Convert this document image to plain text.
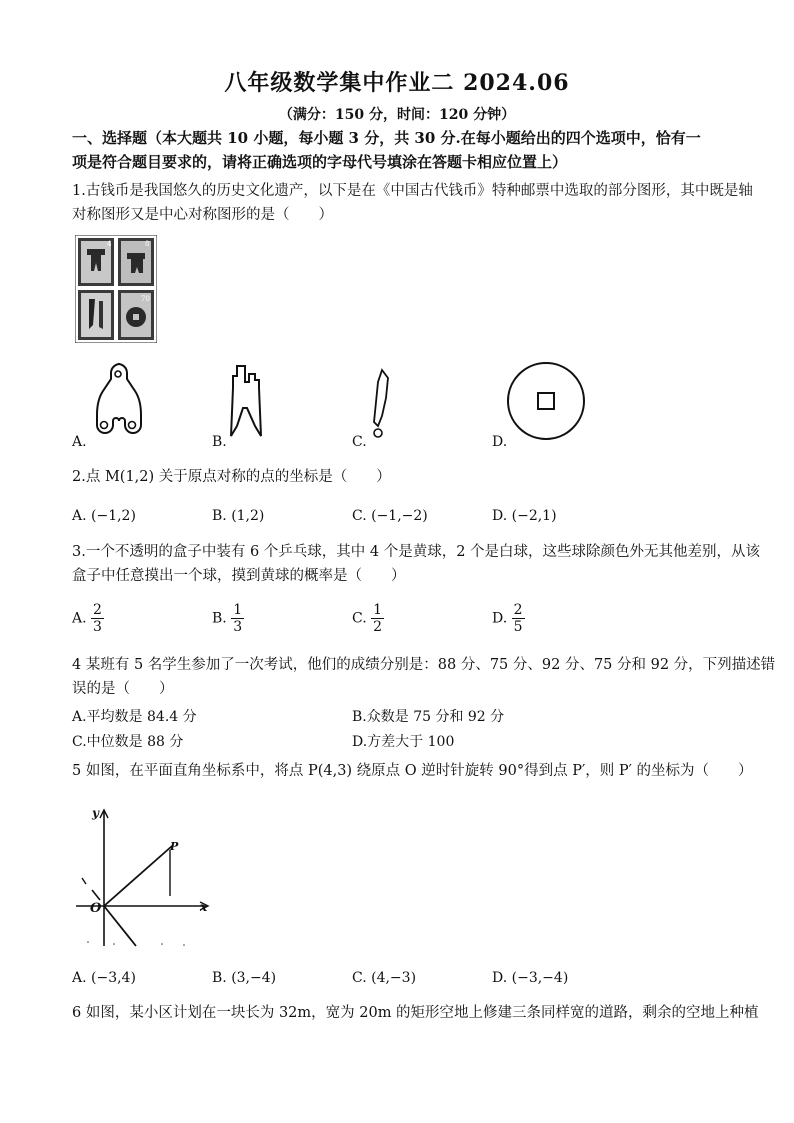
八年级数学集中作业二 2024.06
（满分：150 分，时间：120 分钟）
一、选择题（本大题共 10 小题，每小题 3 分，共 30 分.在每小题给出的四个选项中，恰有一
项是符合题目要求的，请将正确选项的字母代号填涂在答题卡相应位置上）
1.古钱币是我国悠久的历史文化遗产，以下是在《中国古代钱币》特种邮票中选取的部分图形，其中既是轴
对称图形又是中心对称图形的是（　　）
4	8
70
A.	B.	C.	D.
2.点 M(1,2) 关于原点对称的点的坐标是（　　）
A. (−1,2)	B. (1,2)	C. (−1,−2)	D. (−2,1)
3.一个不透明的盒子中装有 6 个乒乓球，其中 4 个是黄球，2 个是白球，这些球除颜色外无其他差别，从该
盒子中任意摸出一个球，摸到黄球的概率是（　　）
A. $\frac{2}{3}$	B. $\frac{1}{3}$	C. $\frac{1}{2}$	D. $\frac{2}{5}$
4 某班有 5 名学生参加了一次考试，他们的成绩分别是：88 分、75 分、92 分、75 分和 92 分，下列描述错
误的是（　　）
A.平均数是 84.4 分	B.众数是 75 分和 92 分
C.中位数是 88 分	D.方差大于 100
5 如图，在平面直角坐标系中，将点 P(4,3) 绕原点 O 逆时针旋转 90°得到点 P′，则 P′ 的坐标为（　　）
y
x
O
P
A. (−3,4)	B. (3,−4)	C. (4,−3)	D. (−3,−4)
6 如图，某小区计划在一块长为 32m，宽为 20m 的矩形空地上修建三条同样宽的道路，剩余的空地上种植
